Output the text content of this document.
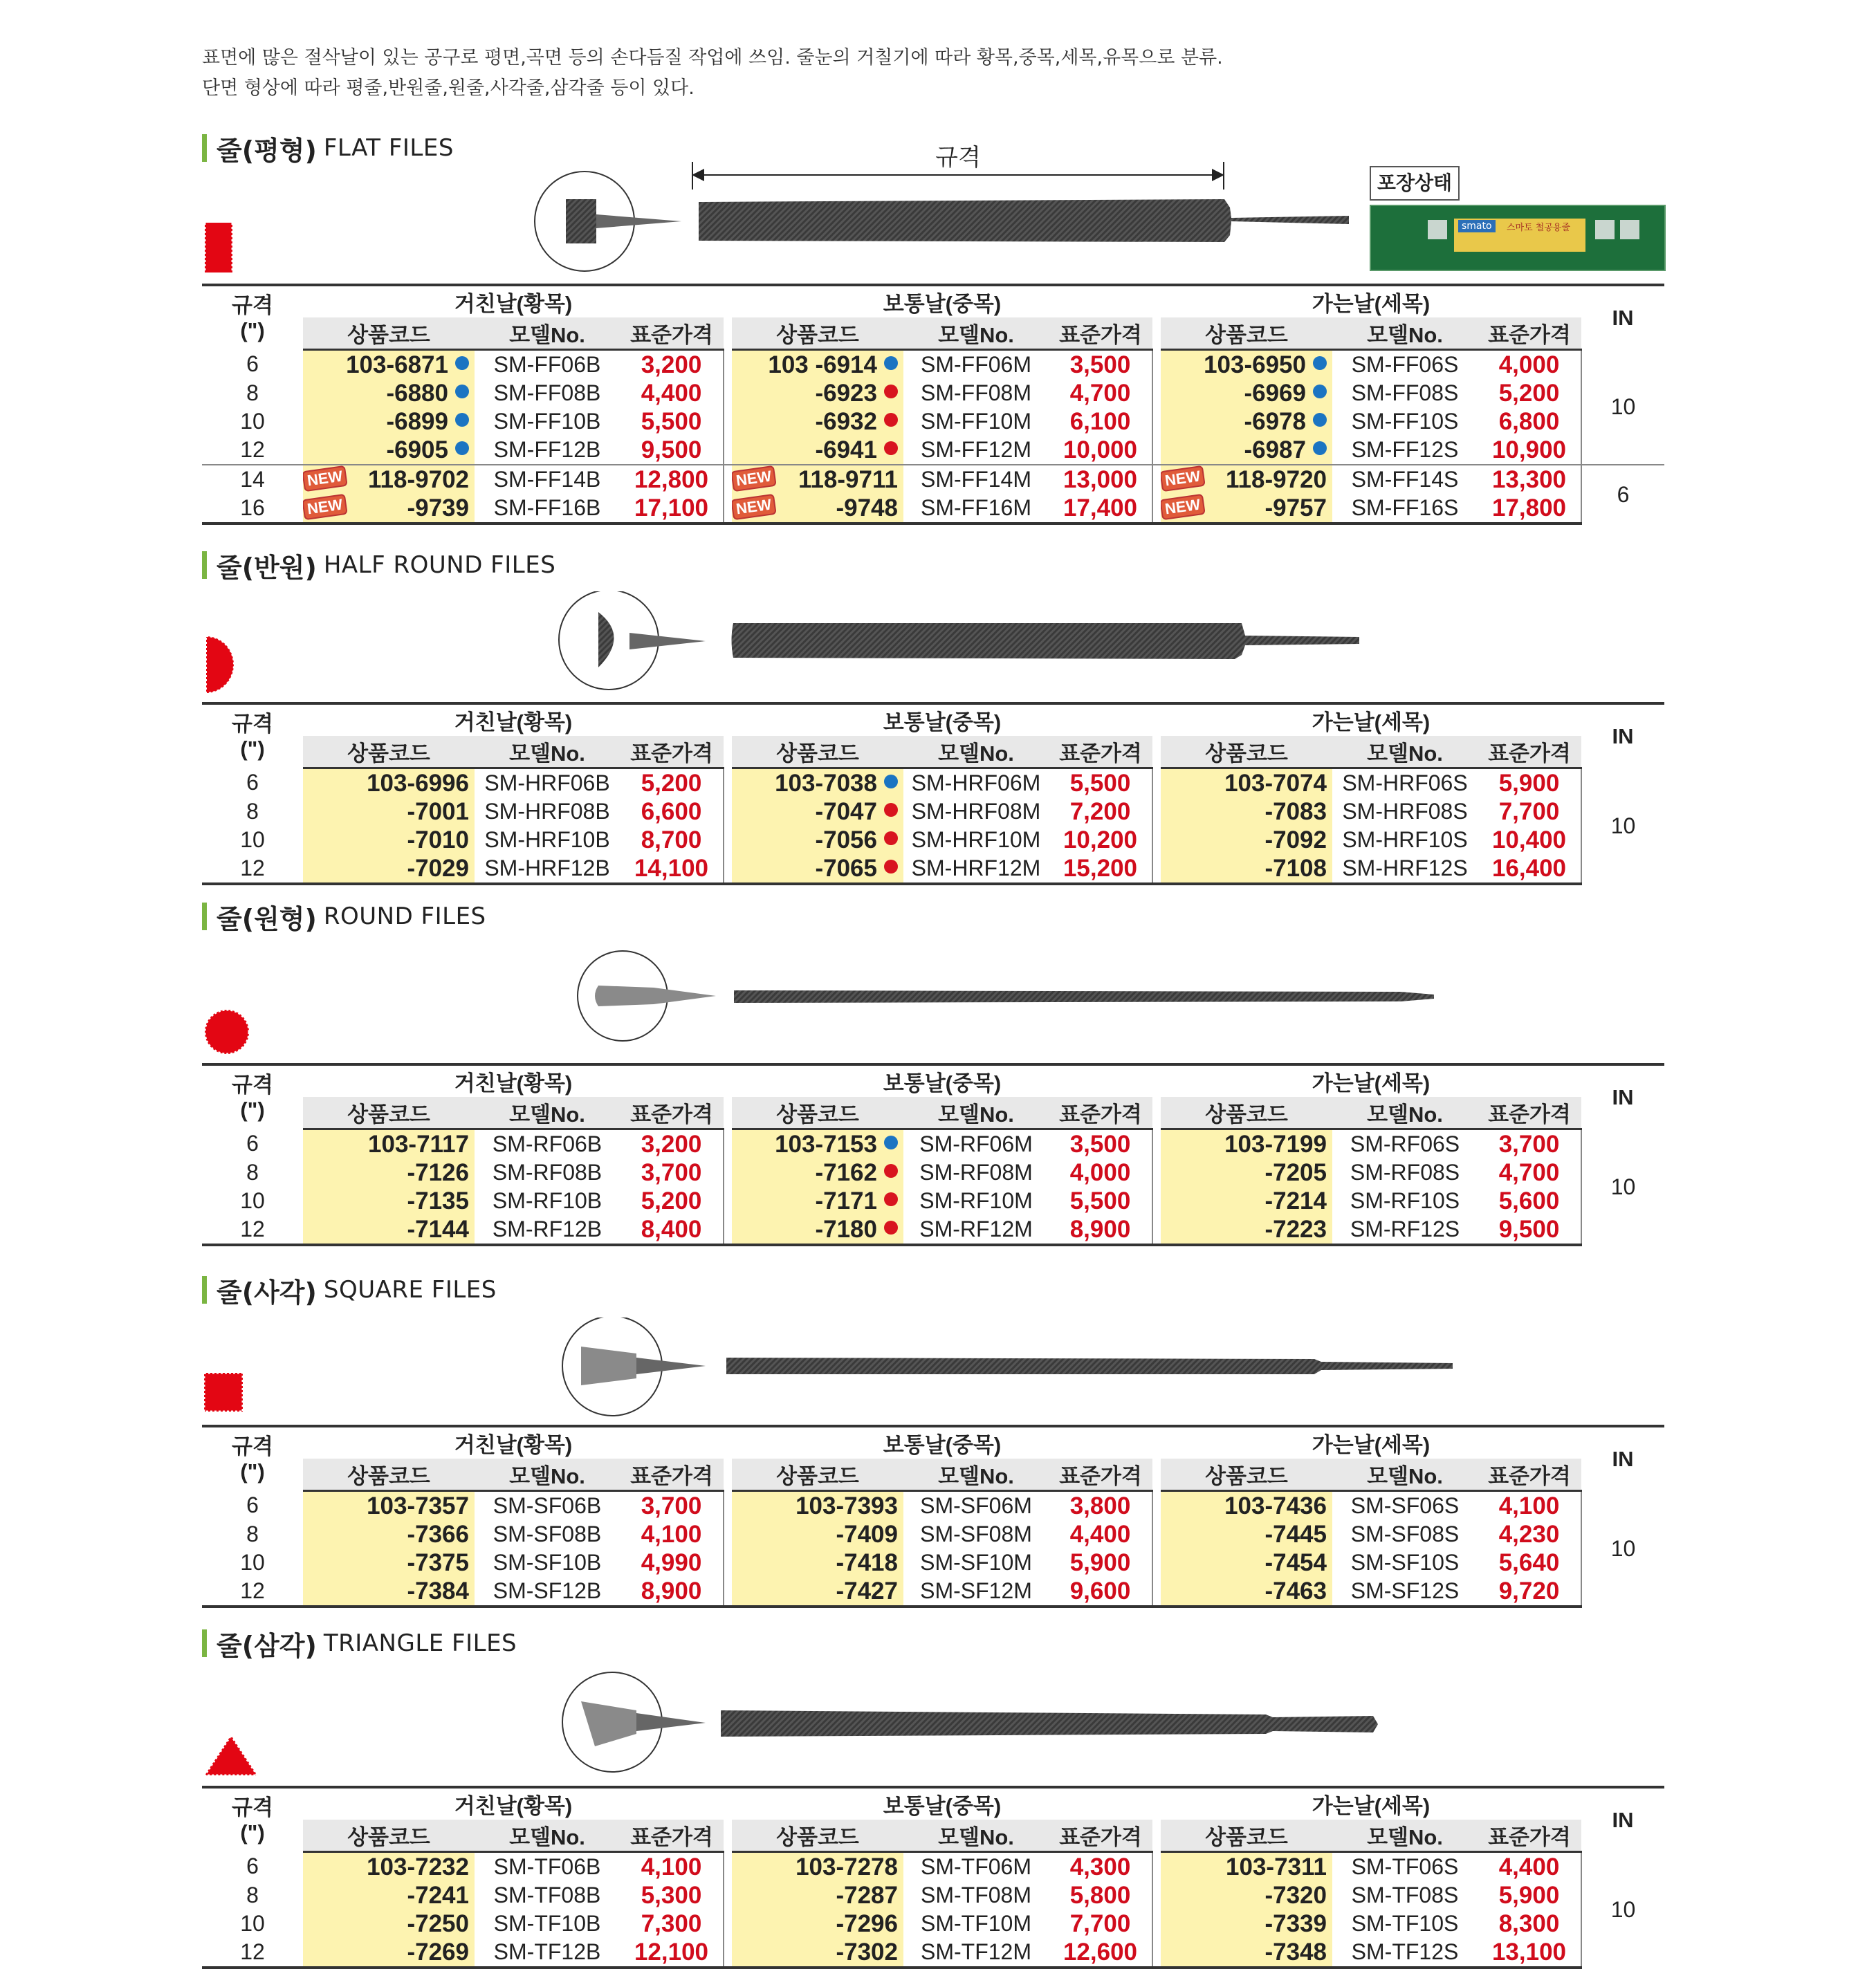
표면에 많은 절삭날이 있는 공구로 평면,곡면 등의 손다듬질 작업에 쓰임. 줄눈의 거칠기에 따라 황목,중목,세목,유목으로 분류.
단면 형상에 따라 평줄,반원줄,원줄,사각줄,삼각줄 등이 있다.
줄(평형) FLAT FILES	규격
포장상태
smato	스마토 철공용줄
규격
(")	거친날(황목)				보통날(중목)				가는날(세목)			IN
	상품코드	모델No.	표준가격		상품코드	모델No.	표준가격		상품코드	모델No.	표준가격	
6	103-6871	SM-FF06B	3,200		103 -6914	SM-FF06M	3,500		103-6950	SM-FF06S	4,000	10
8	-6880	SM-FF08B	4,400		-6923	SM-FF08M	4,700		-6969	SM-FF08S	5,200	
10	-6899	SM-FF10B	5,500		-6932	SM-FF10M	6,100		-6978	SM-FF10S	6,800	
12	-6905	SM-FF12B	9,500		-6941	SM-FF12M	10,000		-6987	SM-FF12S	10,900	
14	NEW 118-9702	SM-FF14B	12,800		NEW 118-9711	SM-FF14M	13,000		NEW 118-9720	SM-FF14S	13,300	6
16	NEW -9739	SM-FF16B	17,100		NEW -9748	SM-FF16M	17,400		NEW -9757	SM-FF16S	17,800	
줄(반원) HALF ROUND FILES
규격
(")	거친날(황목)				보통날(중목)				가는날(세목)			IN
	상품코드	모델No.	표준가격		상품코드	모델No.	표준가격		상품코드	모델No.	표준가격	
6	103-6996	SM-HRF06B	5,200		103-7038	SM-HRF06M	5,500		103-7074	SM-HRF06S	5,900	10
8	-7001	SM-HRF08B	6,600		-7047	SM-HRF08M	7,200		-7083	SM-HRF08S	7,700	
10	-7010	SM-HRF10B	8,700		-7056	SM-HRF10M	10,200		-7092	SM-HRF10S	10,400	
12	-7029	SM-HRF12B	14,100		-7065	SM-HRF12M	15,200		-7108	SM-HRF12S	16,400	
줄(원형) ROUND FILES
규격
(")	거친날(황목)				보통날(중목)				가는날(세목)			IN
	상품코드	모델No.	표준가격		상품코드	모델No.	표준가격		상품코드	모델No.	표준가격	
6	103-7117	SM-RF06B	3,200		103-7153	SM-RF06M	3,500		103-7199	SM-RF06S	3,700	10
8	-7126	SM-RF08B	3,700		-7162	SM-RF08M	4,000		-7205	SM-RF08S	4,700	
10	-7135	SM-RF10B	5,200		-7171	SM-RF10M	5,500		-7214	SM-RF10S	5,600	
12	-7144	SM-RF12B	8,400		-7180	SM-RF12M	8,900		-7223	SM-RF12S	9,500	
줄(사각) SQUARE FILES
규격
(")	거친날(황목)				보통날(중목)				가는날(세목)			IN
	상품코드	모델No.	표준가격		상품코드	모델No.	표준가격		상품코드	모델No.	표준가격	
6	103-7357	SM-SF06B	3,700		103-7393	SM-SF06M	3,800		103-7436	SM-SF06S	4,100	10
8	-7366	SM-SF08B	4,100		-7409	SM-SF08M	4,400		-7445	SM-SF08S	4,230	
10	-7375	SM-SF10B	4,990		-7418	SM-SF10M	5,900		-7454	SM-SF10S	5,640	
12	-7384	SM-SF12B	8,900		-7427	SM-SF12M	9,600		-7463	SM-SF12S	9,720	
줄(삼각) TRIANGLE FILES
규격
(")	거친날(황목)				보통날(중목)				가는날(세목)			IN
	상품코드	모델No.	표준가격		상품코드	모델No.	표준가격		상품코드	모델No.	표준가격	
6	103-7232	SM-TF06B	4,100		103-7278	SM-TF06M	4,300		103-7311	SM-TF06S	4,400	10
8	-7241	SM-TF08B	5,300		-7287	SM-TF08M	5,800		-7320	SM-TF08S	5,900	
10	-7250	SM-TF10B	7,300		-7296	SM-TF10M	7,700		-7339	SM-TF10S	8,300	
12	-7269	SM-TF12B	12,100		-7302	SM-TF12M	12,600		-7348	SM-TF12S	13,100	
